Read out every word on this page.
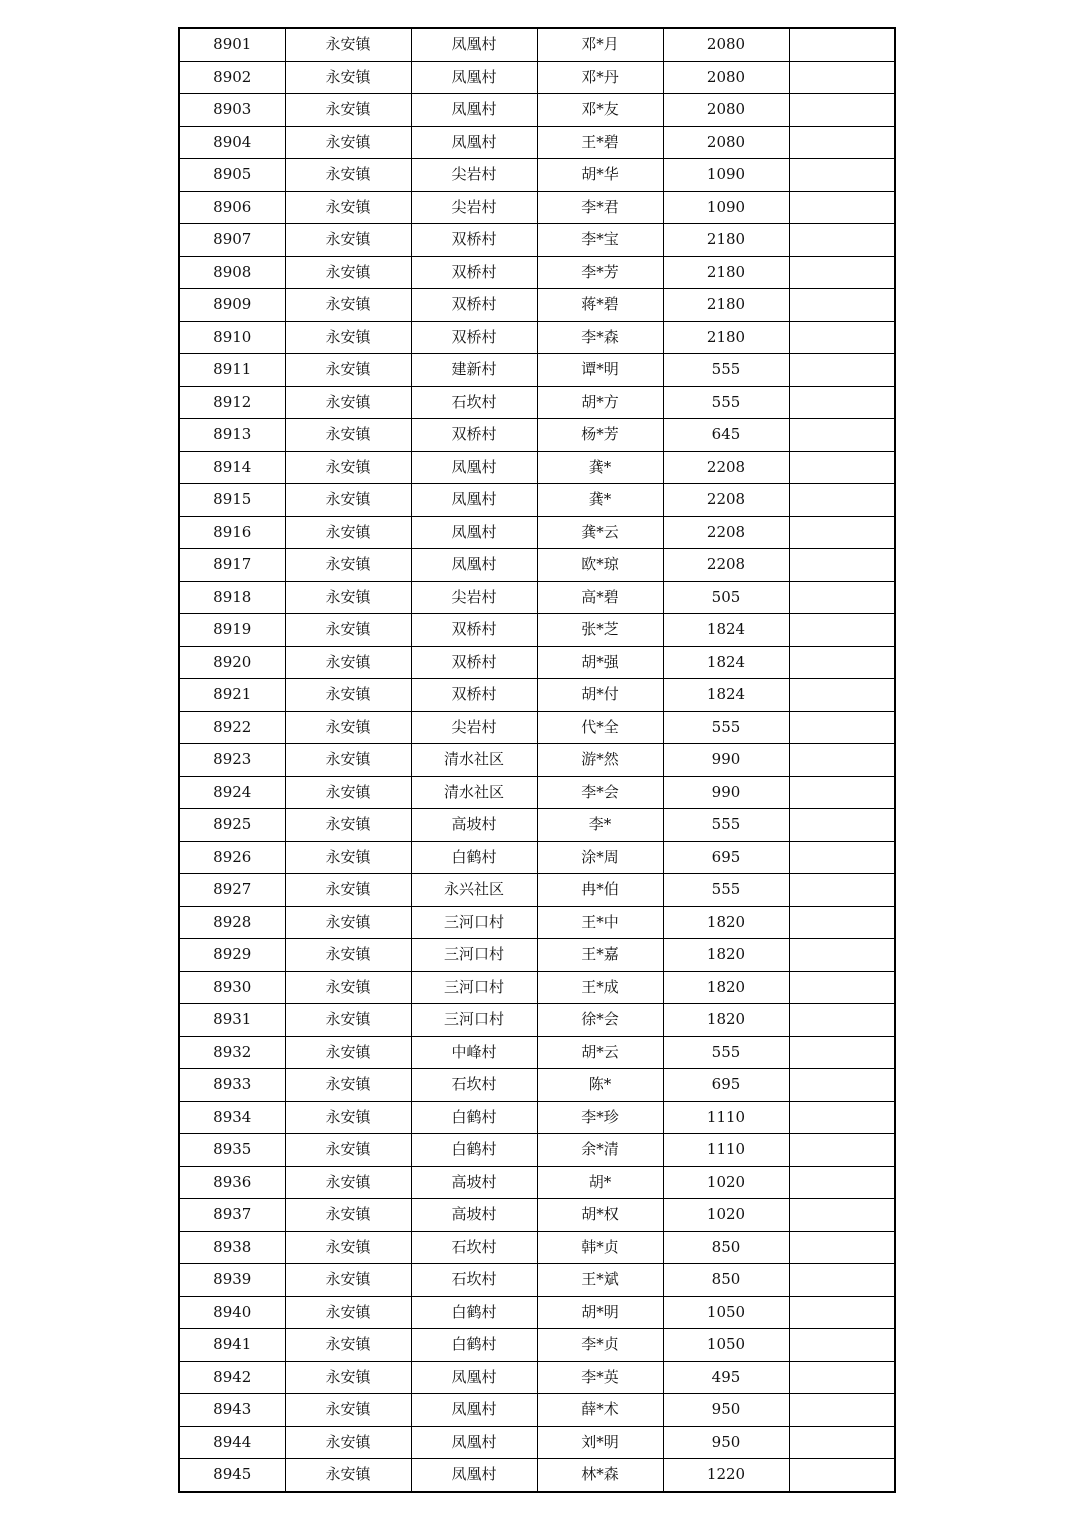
8901	永安镇	凤凰村	邓*月	2080	
8902	永安镇	凤凰村	邓*丹	2080	
8903	永安镇	凤凰村	邓*友	2080	
8904	永安镇	凤凰村	王*碧	2080	
8905	永安镇	尖岩村	胡*华	1090	
8906	永安镇	尖岩村	李*君	1090	
8907	永安镇	双桥村	李*宝	2180	
8908	永安镇	双桥村	李*芳	2180	
8909	永安镇	双桥村	蒋*碧	2180	
8910	永安镇	双桥村	李*森	2180	
8911	永安镇	建新村	谭*明	555	
8912	永安镇	石坎村	胡*方	555	
8913	永安镇	双桥村	杨*芳	645	
8914	永安镇	凤凰村	龚*	2208	
8915	永安镇	凤凰村	龚*	2208	
8916	永安镇	凤凰村	龚*云	2208	
8917	永安镇	凤凰村	欧*琼	2208	
8918	永安镇	尖岩村	高*碧	505	
8919	永安镇	双桥村	张*芝	1824	
8920	永安镇	双桥村	胡*强	1824	
8921	永安镇	双桥村	胡*付	1824	
8922	永安镇	尖岩村	代*全	555	
8923	永安镇	清水社区	游*然	990	
8924	永安镇	清水社区	李*会	990	
8925	永安镇	高坡村	李*	555	
8926	永安镇	白鹤村	涂*周	695	
8927	永安镇	永兴社区	冉*伯	555	
8928	永安镇	三河口村	王*中	1820	
8929	永安镇	三河口村	王*嘉	1820	
8930	永安镇	三河口村	王*成	1820	
8931	永安镇	三河口村	徐*会	1820	
8932	永安镇	中峰村	胡*云	555	
8933	永安镇	石坎村	陈*	695	
8934	永安镇	白鹤村	李*珍	1110	
8935	永安镇	白鹤村	余*清	1110	
8936	永安镇	高坡村	胡*	1020	
8937	永安镇	高坡村	胡*权	1020	
8938	永安镇	石坎村	韩*贞	850	
8939	永安镇	石坎村	王*斌	850	
8940	永安镇	白鹤村	胡*明	1050	
8941	永安镇	白鹤村	李*贞	1050	
8942	永安镇	凤凰村	李*英	495	
8943	永安镇	凤凰村	薛*术	950	
8944	永安镇	凤凰村	刘*明	950	
8945	永安镇	凤凰村	林*森	1220	
